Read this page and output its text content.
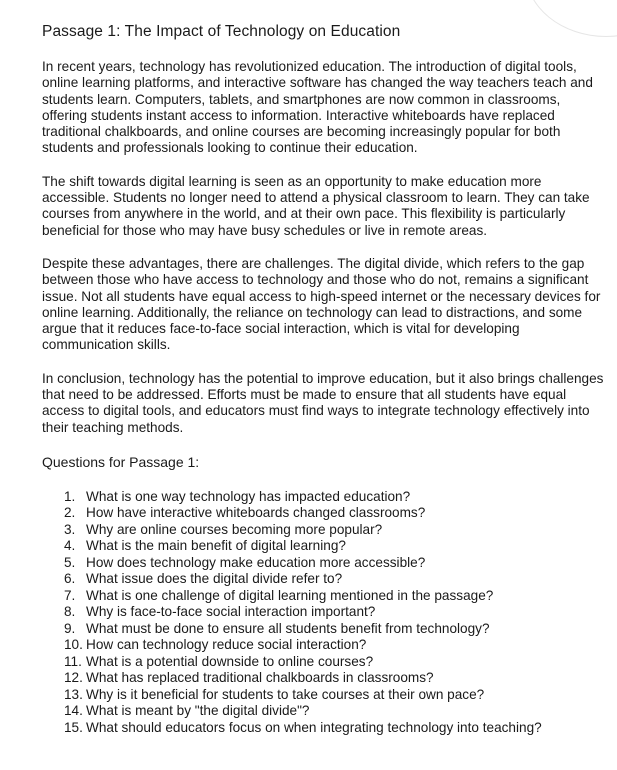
Passage 1: The Impact of Technology on Education

In recent years, technology has revolutionized education. The introduction of digital tools, online learning platforms, and interactive software has changed the way teachers teach and students learn. Computers, tablets, and smartphones are now common in classrooms, offering students instant access to information. Interactive whiteboards have replaced traditional chalkboards, and online courses are becoming increasingly popular for both students and professionals looking to continue their education.

The shift towards digital learning is seen as an opportunity to make education more accessible. Students no longer need to attend a physical classroom to learn. They can take courses from anywhere in the world, and at their own pace. This flexibility is particularly beneficial for those who may have busy schedules or live in remote areas.

Despite these advantages, there are challenges. The digital divide, which refers to the gap between those who have access to technology and those who do not, remains a significant issue. Not all students have equal access to high-speed internet or the necessary devices for online learning. Additionally, the reliance on technology can lead to distractions, and some argue that it reduces face-to-face social interaction, which is vital for developing communication skills.

In conclusion, technology has the potential to improve education, but it also brings challenges that need to be addressed. Efforts must be made to ensure that all students have equal access to digital tools, and educators must find ways to integrate technology effectively into their teaching methods.

Questions for Passage 1:
1. What is one way technology has impacted education?
2. How have interactive whiteboards changed classrooms?
3. Why are online courses becoming more popular?
4. What is the main benefit of digital learning?
5. How does technology make education more accessible?
6. What issue does the digital divide refer to?
7. What is one challenge of digital learning mentioned in the passage?
8. Why is face-to-face social interaction important?
9. What must be done to ensure all students benefit from technology?
10. How can technology reduce social interaction?
11. What is a potential downside to online courses?
12. What has replaced traditional chalkboards in classrooms?
13. Why is it beneficial for students to take courses at their own pace?
14. What is meant by "the digital divide"?
15. What should educators focus on when integrating technology into teaching?
